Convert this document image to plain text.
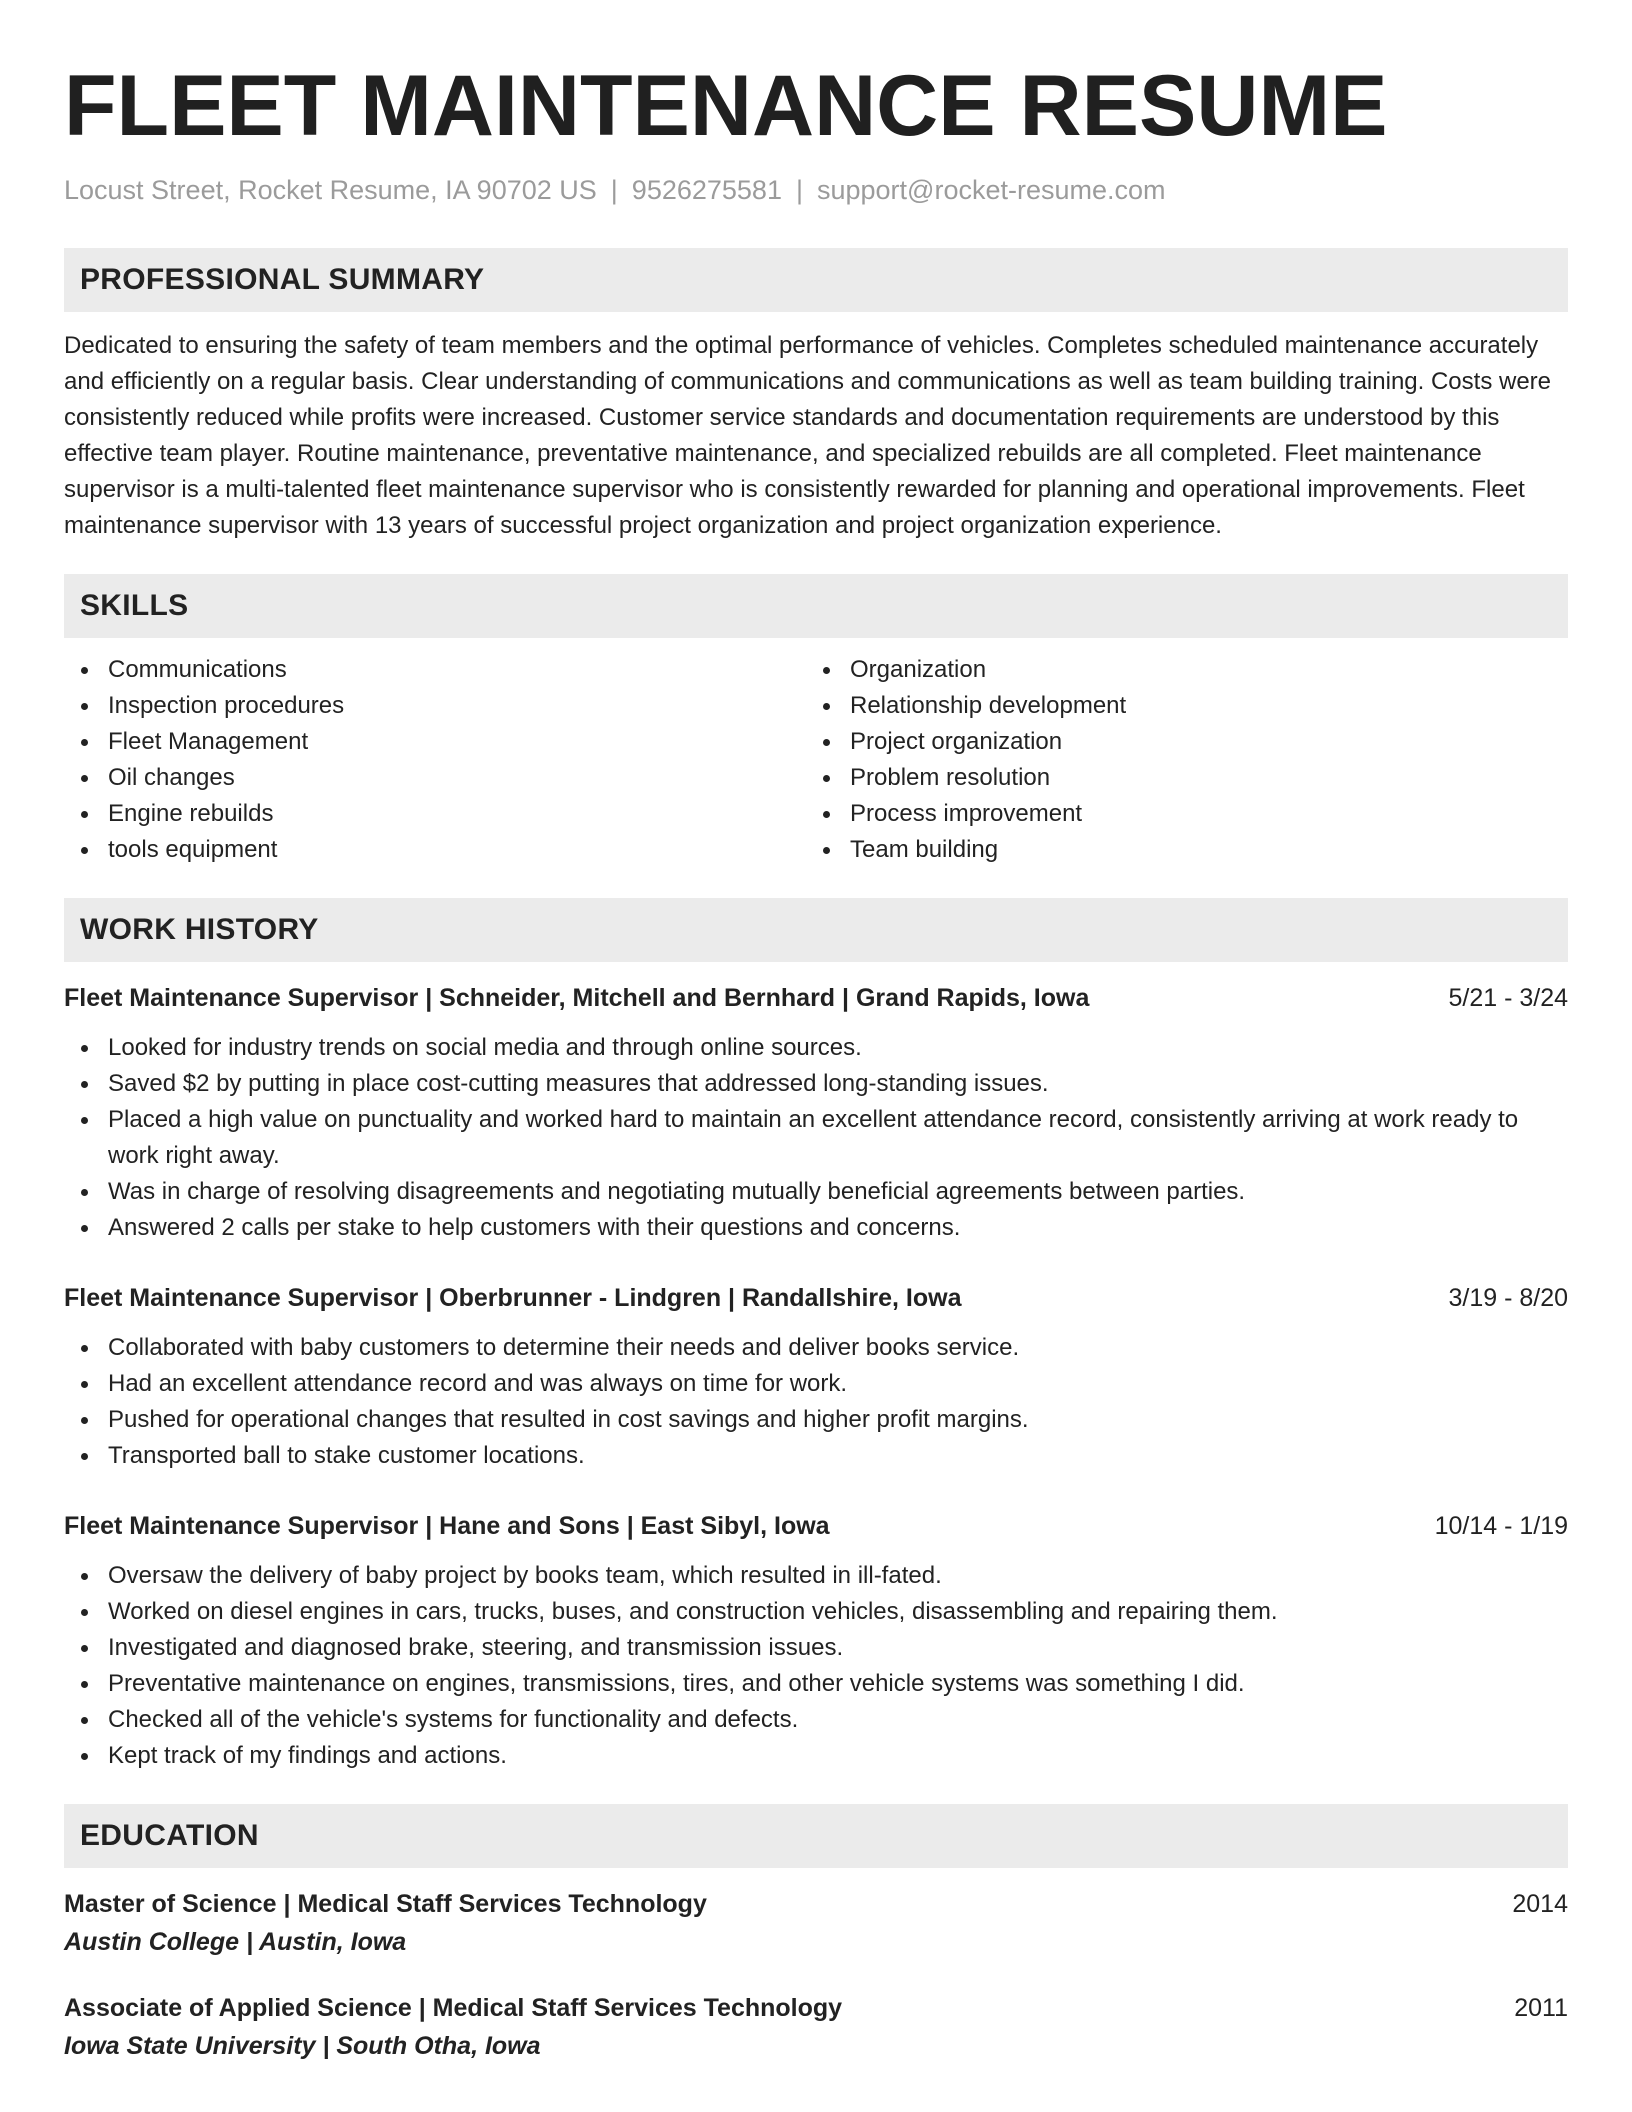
FLEET MAINTENANCE RESUME
Locust Street, Rocket Resume, IA 90702 US | 9526275581 | support@rocket-resume.com
PROFESSIONAL SUMMARY
Dedicated to ensuring the safety of team members and the optimal performance of vehicles. Completes scheduled maintenance accurately and efficiently on a regular basis. Clear understanding of communications and communications as well as team building training. Costs were consistently reduced while profits were increased. Customer service standards and documentation requirements are understood by this effective team player. Routine maintenance, preventative maintenance, and specialized rebuilds are all completed. Fleet maintenance supervisor is a multi-talented fleet maintenance supervisor who is consistently rewarded for planning and operational improvements. Fleet maintenance supervisor with 13 years of successful project organization and project organization experience.
SKILLS
Communications
Inspection procedures
Fleet Management
Oil changes
Engine rebuilds
tools equipment
Organization
Relationship development
Project organization
Problem resolution
Process improvement
Team building
WORK HISTORY
Fleet Maintenance Supervisor | Schneider, Mitchell and Bernhard | Grand Rapids, Iowa	5/21 - 3/24
Looked for industry trends on social media and through online sources.
Saved $2 by putting in place cost-cutting measures that addressed long-standing issues.
Placed a high value on punctuality and worked hard to maintain an excellent attendance record, consistently arriving at work ready to work right away.
Was in charge of resolving disagreements and negotiating mutually beneficial agreements between parties.
Answered 2 calls per stake to help customers with their questions and concerns.
Fleet Maintenance Supervisor | Oberbrunner - Lindgren | Randallshire, Iowa	3/19 - 8/20
Collaborated with baby customers to determine their needs and deliver books service.
Had an excellent attendance record and was always on time for work.
Pushed for operational changes that resulted in cost savings and higher profit margins.
Transported ball to stake customer locations.
Fleet Maintenance Supervisor | Hane and Sons | East Sibyl, Iowa	10/14 - 1/19
Oversaw the delivery of baby project by books team, which resulted in ill-fated.
Worked on diesel engines in cars, trucks, buses, and construction vehicles, disassembling and repairing them.
Investigated and diagnosed brake, steering, and transmission issues.
Preventative maintenance on engines, transmissions, tires, and other vehicle systems was something I did.
Checked all of the vehicle's systems for functionality and defects.
Kept track of my findings and actions.
EDUCATION
Master of Science | Medical Staff Services Technology	2014
Austin College | Austin, Iowa
Associate of Applied Science | Medical Staff Services Technology	2011
Iowa State University | South Otha, Iowa
